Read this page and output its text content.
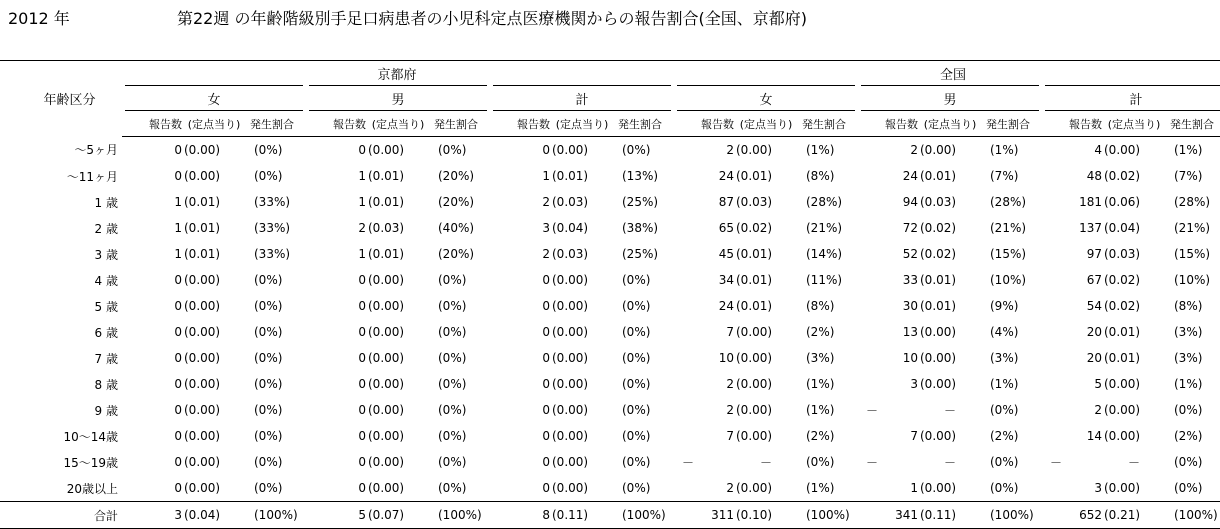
2012 年	第22週 の年齢階級別手足口病患者の小児科定点医療機関からの報告割合(全国、京都府)

年齢区分	京都府									全国								
	女			男			計			女			男			計		
	報告数	(定点当り)	発生割合	報告数	(定点当り)	発生割合	報告数	(定点当り)	発生割合	報告数	(定点当り)	発生割合	報告数	(定点当り)	発生割合	報告数	(定点当り)	発生割合
～5ヶ月	0	(0.00)	(0%)	0	(0.00)	(0%)	0	(0.00)	(0%)	2	(0.00)	(1%)	2	(0.00)	(1%)	4	(0.00)	(1%)
～11ヶ月	0	(0.00)	(0%)	1	(0.01)	(20%)	1	(0.01)	(13%)	24	(0.01)	(8%)	24	(0.01)	(7%)	48	(0.02)	(7%)
1 歳	1	(0.01)	(33%)	1	(0.01)	(20%)	2	(0.03)	(25%)	87	(0.03)	(28%)	94	(0.03)	(28%)	181	(0.06)	(28%)
2 歳	1	(0.01)	(33%)	2	(0.03)	(40%)	3	(0.04)	(38%)	65	(0.02)	(21%)	72	(0.02)	(21%)	137	(0.04)	(21%)
3 歳	1	(0.01)	(33%)	1	(0.01)	(20%)	2	(0.03)	(25%)	45	(0.01)	(14%)	52	(0.02)	(15%)	97	(0.03)	(15%)
4 歳	0	(0.00)	(0%)	0	(0.00)	(0%)	0	(0.00)	(0%)	34	(0.01)	(11%)	33	(0.01)	(10%)	67	(0.02)	(10%)
5 歳	0	(0.00)	(0%)	0	(0.00)	(0%)	0	(0.00)	(0%)	24	(0.01)	(8%)	30	(0.01)	(9%)	54	(0.02)	(8%)
6 歳	0	(0.00)	(0%)	0	(0.00)	(0%)	0	(0.00)	(0%)	7	(0.00)	(2%)	13	(0.00)	(4%)	20	(0.01)	(3%)
7 歳	0	(0.00)	(0%)	0	(0.00)	(0%)	0	(0.00)	(0%)	10	(0.00)	(3%)	10	(0.00)	(3%)	20	(0.01)	(3%)
8 歳	0	(0.00)	(0%)	0	(0.00)	(0%)	0	(0.00)	(0%)	2	(0.00)	(1%)	3	(0.00)	(1%)	5	(0.00)	(1%)
9 歳	0	(0.00)	(0%)	0	(0.00)	(0%)	0	(0.00)	(0%)	2	(0.00)	(1%)	－	－	(0%)	2	(0.00)	(0%)
10～14歳	0	(0.00)	(0%)	0	(0.00)	(0%)	0	(0.00)	(0%)	7	(0.00)	(2%)	7	(0.00)	(2%)	14	(0.00)	(2%)
15～19歳	0	(0.00)	(0%)	0	(0.00)	(0%)	0	(0.00)	(0%)	－	－	(0%)	－	－	(0%)	－	－	(0%)
20歳以上	0	(0.00)	(0%)	0	(0.00)	(0%)	0	(0.00)	(0%)	2	(0.00)	(1%)	1	(0.00)	(0%)	3	(0.00)	(0%)
合計	3	(0.04)	(100%)	5	(0.07)	(100%)	8	(0.11)	(100%)	311	(0.10)	(100%)	341	(0.11)	(100%)	652	(0.21)	(100%)
